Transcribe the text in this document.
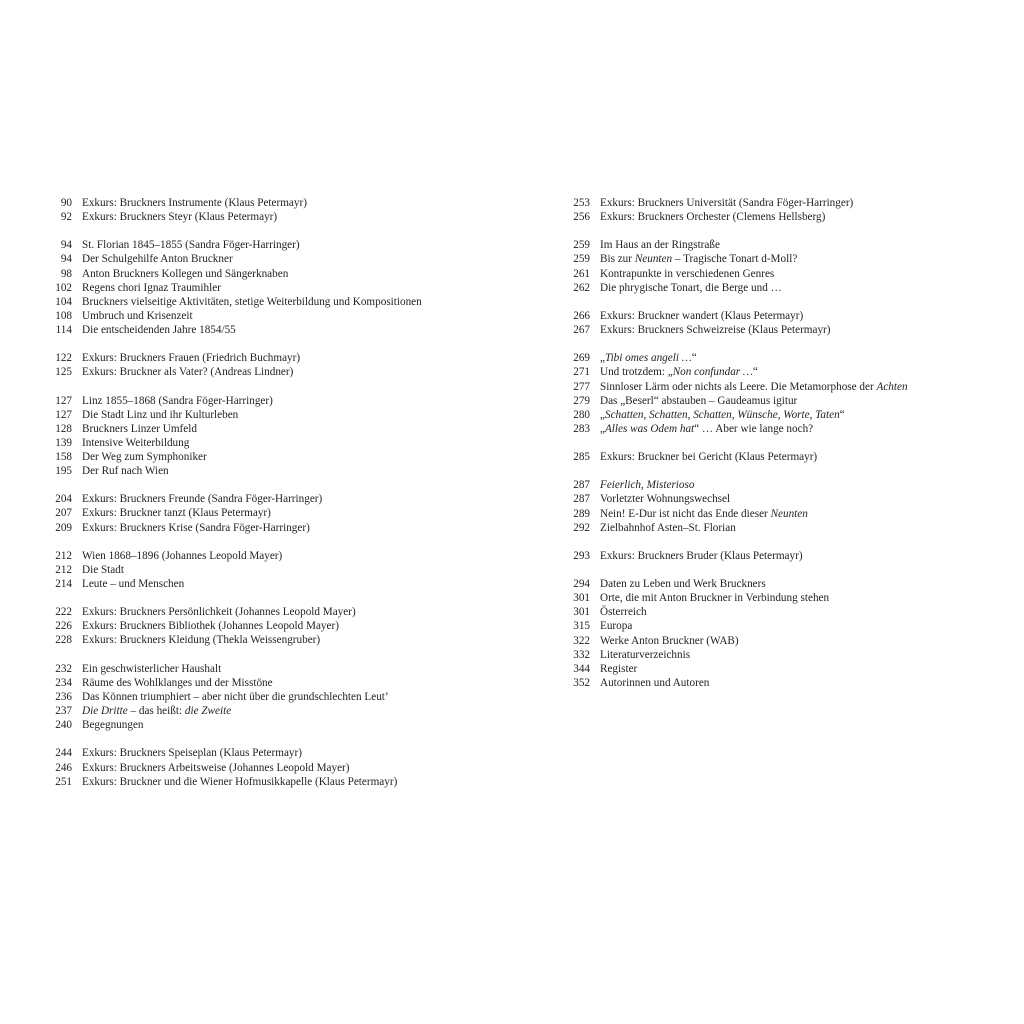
90 Exkurs: Bruckners Instrumente (Klaus Petermayr)
92 Exkurs: Bruckners Steyr (Klaus Petermayr)
94 St. Florian 1845–1855 (Sandra Föger-Harringer)
94 Der Schulgehilfe Anton Bruckner
98 Anton Bruckners Kollegen und Sängerknaben
102 Regens chori Ignaz Traumihler
104 Bruckners vielseitige Aktivitäten, stetige Weiterbildung und Kompositionen
108 Umbruch und Krisenzeit
114 Die entscheidenden Jahre 1854/55
122 Exkurs: Bruckners Frauen (Friedrich Buchmayr)
125 Exkurs: Bruckner als Vater? (Andreas Lindner)
127 Linz 1855–1868 (Sandra Föger-Harringer)
127 Die Stadt Linz und ihr Kulturleben
128 Bruckners Linzer Umfeld
139 Intensive Weiterbildung
158 Der Weg zum Symphoniker
195 Der Ruf nach Wien
204 Exkurs: Bruckners Freunde (Sandra Föger-Harringer)
207 Exkurs: Bruckner tanzt (Klaus Petermayr)
209 Exkurs: Bruckners Krise (Sandra Föger-Harringer)
212 Wien 1868–1896 (Johannes Leopold Mayer)
212 Die Stadt
214 Leute – und Menschen
222 Exkurs: Bruckners Persönlichkeit (Johannes Leopold Mayer)
226 Exkurs: Bruckners Bibliothek (Johannes Leopold Mayer)
228 Exkurs: Bruckners Kleidung (Thekla Weissengruber)
232 Ein geschwisterlicher Haushalt
234 Räume des Wohlklanges und der Misstöne
236 Das Können triumphiert – aber nicht über die grundschlechten Leut’
237 Die Dritte – das heißt: die Zweite
240 Begegnungen
244 Exkurs: Bruckners Speiseplan (Klaus Petermayr)
246 Exkurs: Bruckners Arbeitsweise (Johannes Leopold Mayer)
251 Exkurs: Bruckner und die Wiener Hofmusikkapelle (Klaus Petermayr)
253 Exkurs: Bruckners Universität (Sandra Föger-Harringer)
256 Exkurs: Bruckners Orchester (Clemens Hellsberg)
259 Im Haus an der Ringstraße
259 Bis zur Neunten – Tragische Tonart d-Moll?
261 Kontrapunkte in verschiedenen Genres
262 Die phrygische Tonart, die Berge und …
266 Exkurs: Bruckner wandert (Klaus Petermayr)
267 Exkurs: Bruckners Schweizreise (Klaus Petermayr)
269 „Tibi omes angeli …“
271 Und trotzdem: „Non confundar …“
277 Sinnloser Lärm oder nichts als Leere. Die Metamorphose der Achten
279 Das „Beserl“ abstauben – Gaudeamus igitur
280 „Schatten, Schatten, Schatten, Wünsche, Worte, Taten“
283 „Alles was Odem hat“ … Aber wie lange noch?
285 Exkurs: Bruckner bei Gericht (Klaus Petermayr)
287 Feierlich, Misterioso
287 Vorletzter Wohnungswechsel
289 Nein! E-Dur ist nicht das Ende dieser Neunten
292 Zielbahnhof Asten–St. Florian
293 Exkurs: Bruckners Bruder (Klaus Petermayr)
294 Daten zu Leben und Werk Bruckners
301 Orte, die mit Anton Bruckner in Verbindung stehen
301 Österreich
315 Europa
322 Werke Anton Bruckner (WAB)
332 Literaturverzeichnis
344 Register
352 Autorinnen und Autoren
